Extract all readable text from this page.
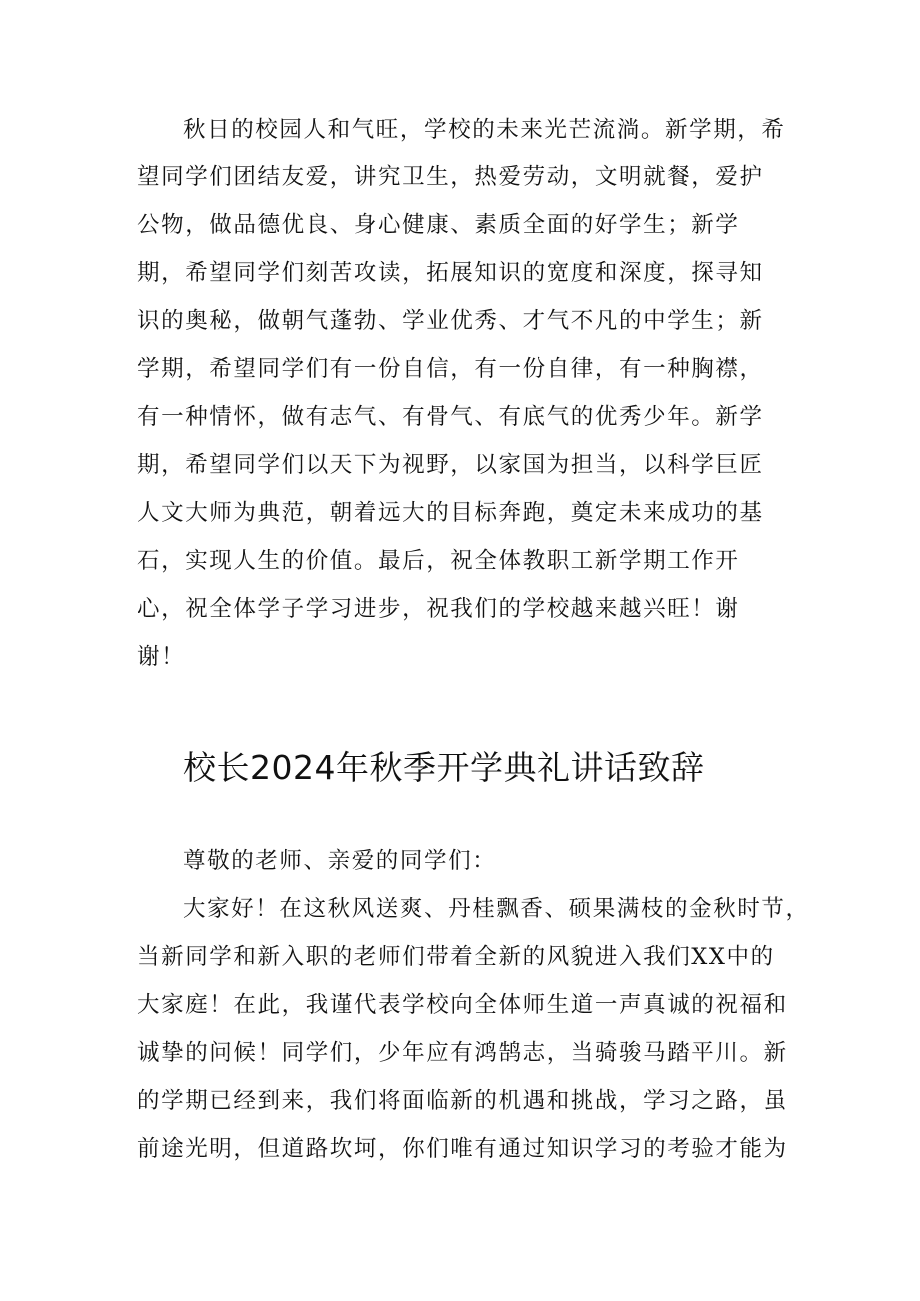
秋日的校园人和气旺，学校的未来光芒流淌。新学期，希
望同学们团结友爱，讲究卫生，热爱劳动，文明就餐，爱护
公物，做品德优良、身心健康、素质全面的好学生；新学
期，希望同学们刻苦攻读，拓展知识的宽度和深度，探寻知
识的奥秘，做朝气蓬勃、学业优秀、才气不凡的中学生；新
学期，希望同学们有一份自信，有一份自律，有一种胸襟，
有一种情怀，做有志气、有骨气、有底气的优秀少年。新学
期，希望同学们以天下为视野，以家国为担当，以科学巨匠
人文大师为典范，朝着远大的目标奔跑，奠定未来成功的基
石，实现人生的价值。最后，祝全体教职工新学期工作开
心，祝全体学子学习进步，祝我们的学校越来越兴旺！谢
谢！
校长2024年秋季开学典礼讲话致辞
尊敬的老师、亲爱的同学们：
大家好！在这秋风送爽、丹桂飘香、硕果满枝的金秋时节，
当新同学和新入职的老师们带着全新的风貌进入我们XX中的
大家庭！在此，我谨代表学校向全体师生道一声真诚的祝福和
诚挚的问候！同学们，少年应有鸿鹄志，当骑骏马踏平川。新
的学期已经到来，我们将面临新的机遇和挑战，学习之路，虽
前途光明，但道路坎坷，你们唯有通过知识学习的考验才能为
